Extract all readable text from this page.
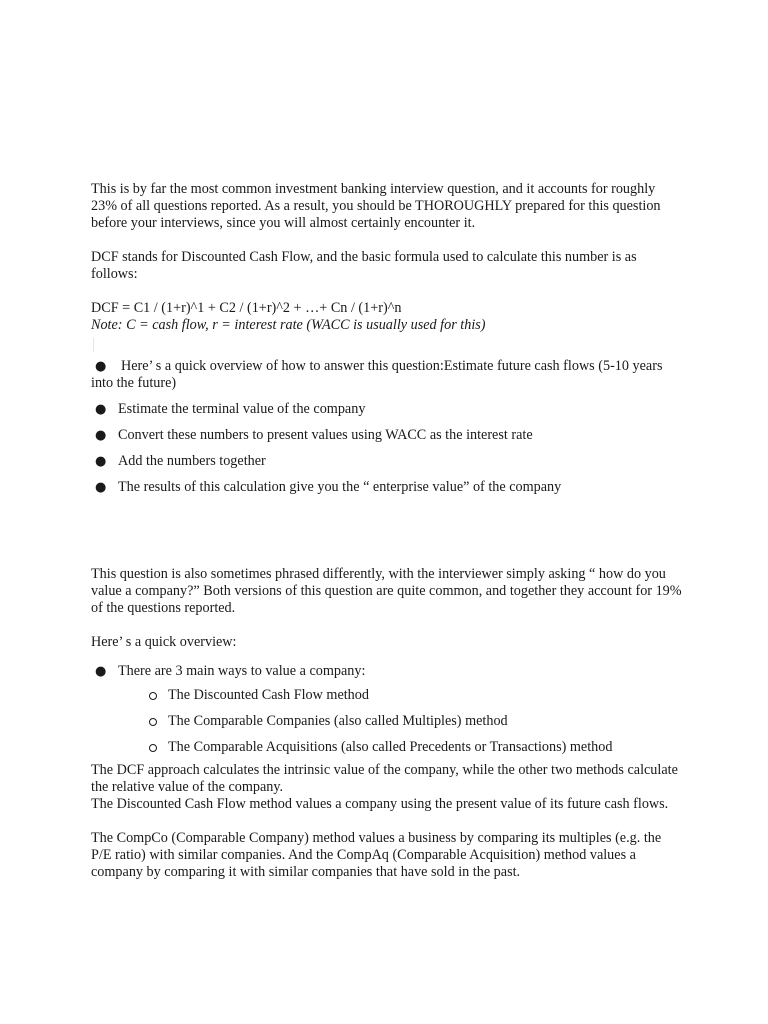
This is by far the most common investment banking interview question, and it accounts for roughly 23% of all questions reported. As a result, you should be THOROUGHLY prepared for this question before your interviews, since you will almost certainly encounter it.

DCF stands for Discounted Cash Flow, and the basic formula used to calculate this number is as follows:

DCF = C1 / (1+r)^1 + C2 / (1+r)^2 + …+ Cn / (1+r)^n

Note: C = cash flow, r = interest rate (WACC is usually used for this)

● Here’ s a quick overview of how to answer this question:Estimate future cash flows (5-10 years into the future)
● Estimate the terminal value of the company
● Convert these numbers to present values using WACC as the interest rate
● Add the numbers together
● The results of this calculation give you the “ enterprise value” of the company

This question is also sometimes phrased differently, with the interviewer simply asking “ how do you value a company?” Both versions of this question are quite common, and together they account for 19% of the questions reported.

Here’ s a quick overview:

● There are 3 main ways to value a company:
The Discounted Cash Flow method
The Comparable Companies (also called Multiples) method
The Comparable Acquisitions (also called Precedents or Transactions) method

The DCF approach calculates the intrinsic value of the company, while the other two methods calculate the relative value of the company.

The Discounted Cash Flow method values a company using the present value of its future cash flows.

The CompCo (Comparable Company) method values a business by comparing its multiples (e.g. the P/E ratio) with similar companies. And the CompAq (Comparable Acquisition) method values a company by comparing it with similar companies that have sold in the past.
